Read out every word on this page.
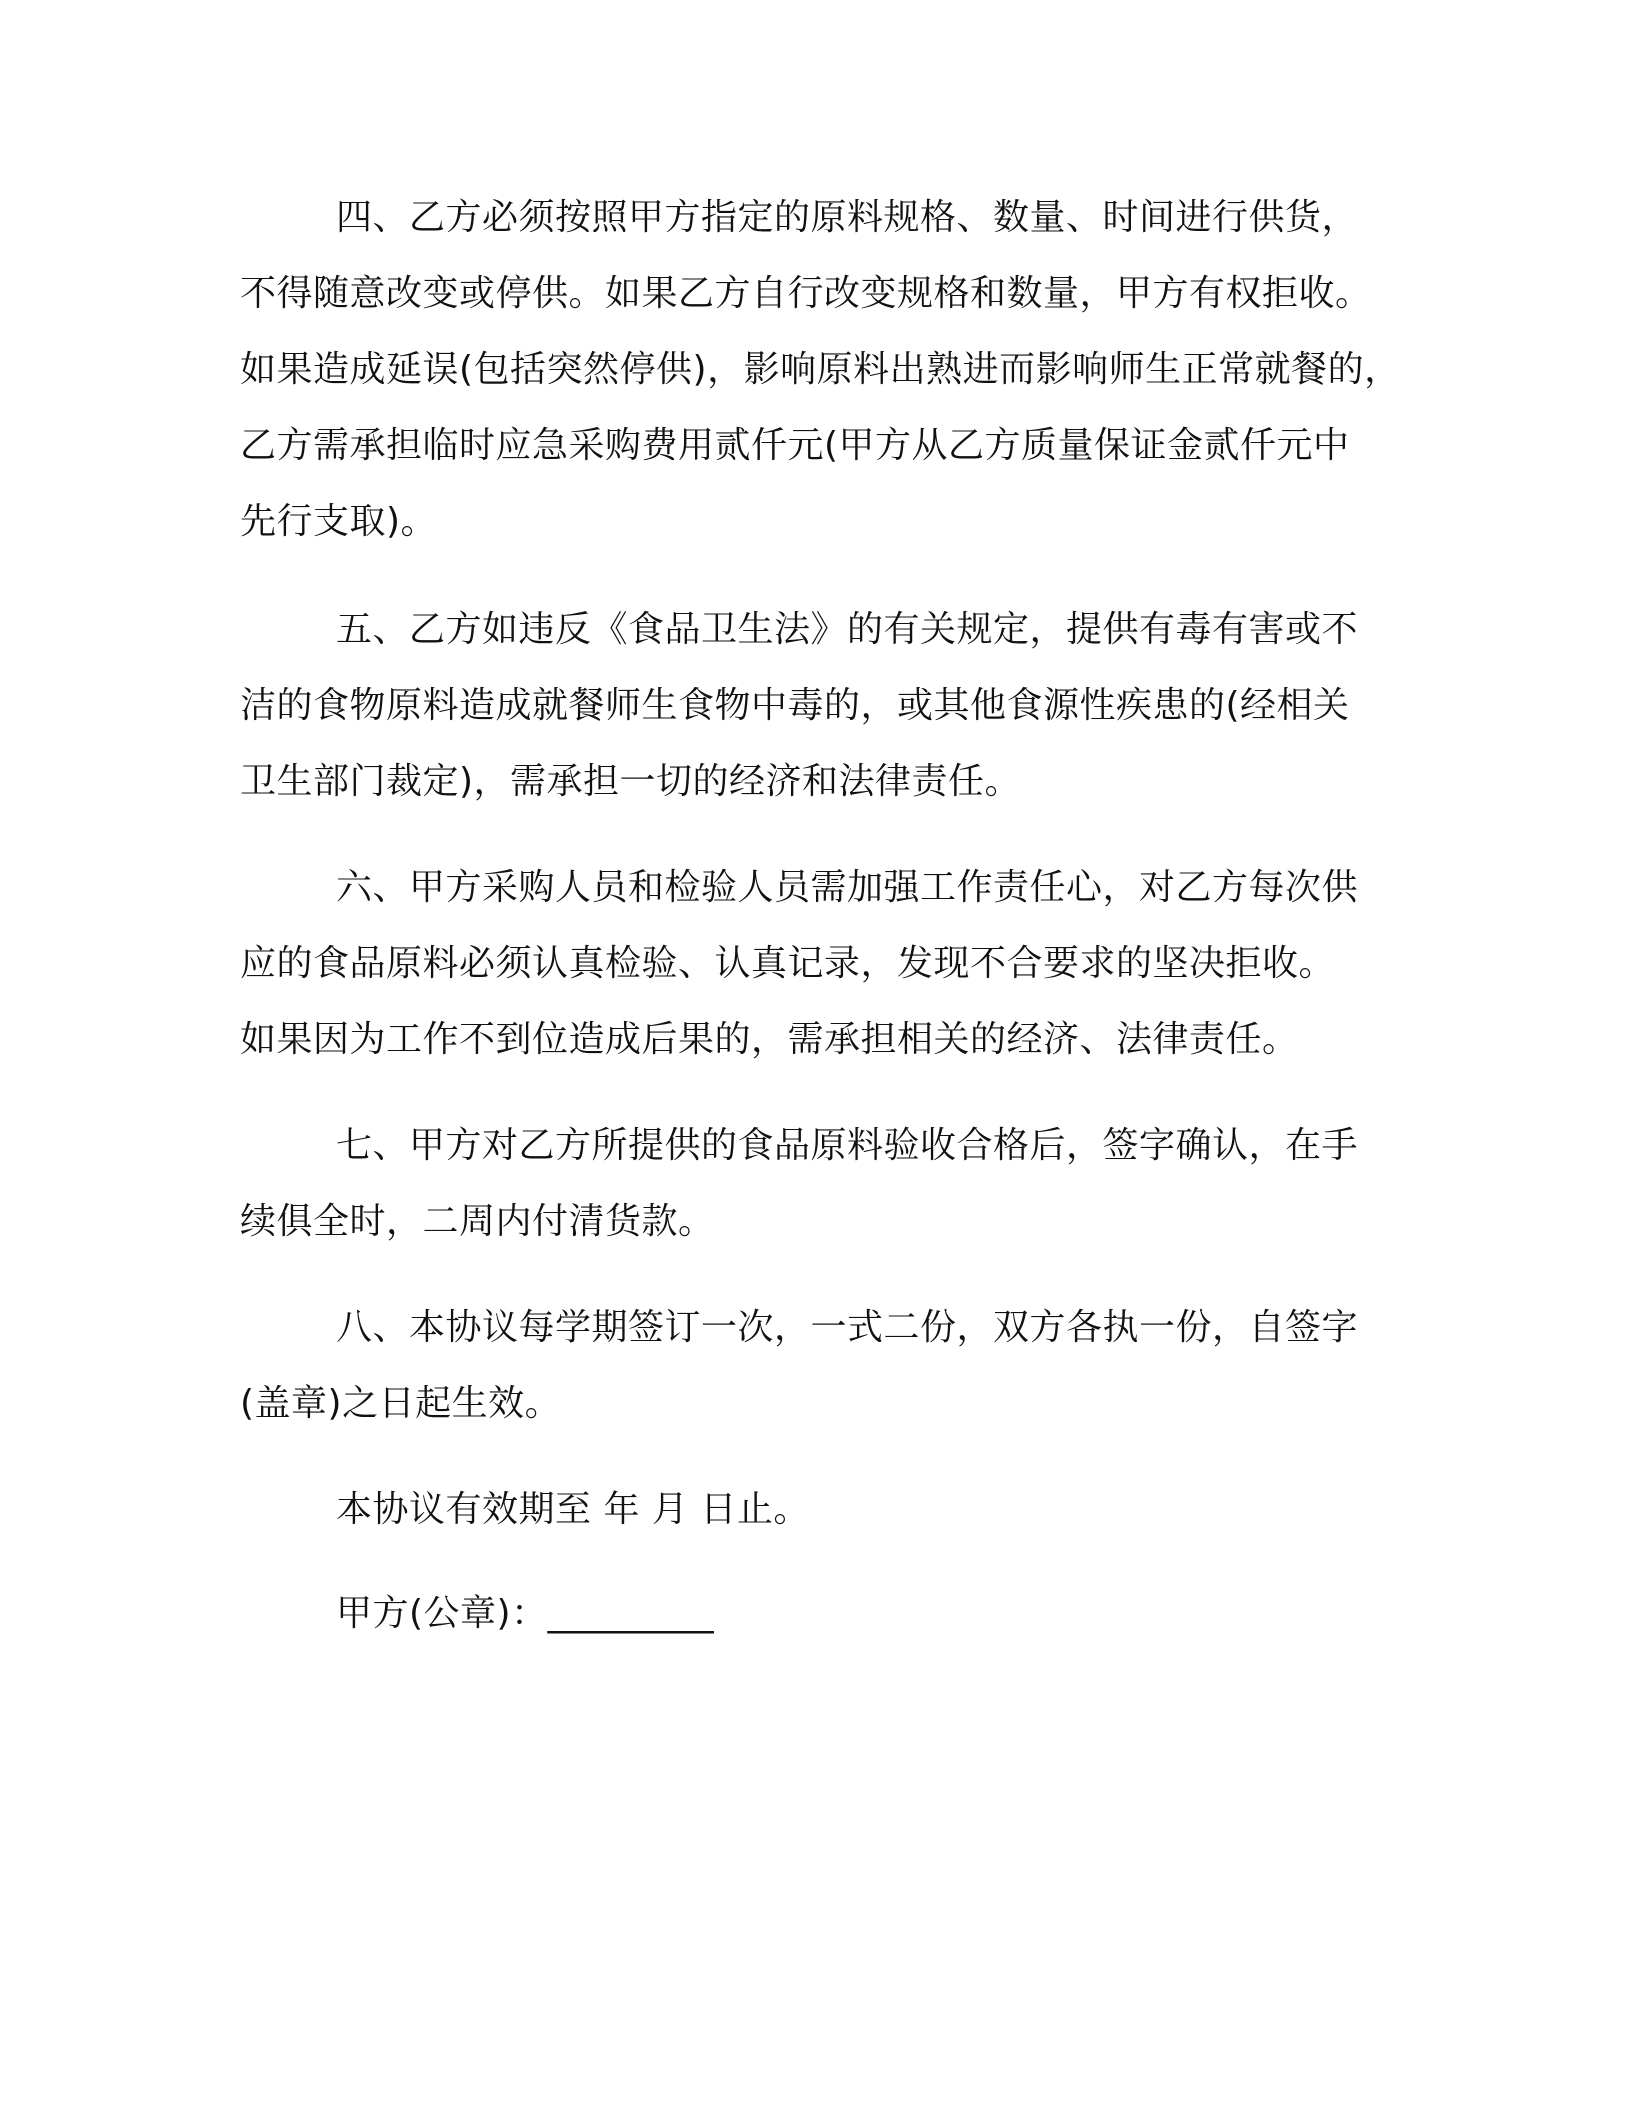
四、乙方必须按照甲方指定的原料规格、数量、时间进行供货，
不得随意改变或停供。如果乙方自行改变规格和数量，甲方有权拒收。
如果造成延误(包括突然停供)，影响原料出熟进而影响师生正常就餐的，
乙方需承担临时应急采购费用贰仟元(甲方从乙方质量保证金贰仟元中
先行支取)。
五、乙方如违反《食品卫生法》的有关规定，提供有毒有害或不
洁的食物原料造成就餐师生食物中毒的，或其他食源性疾患的(经相关
卫生部门裁定)，需承担一切的经济和法律责任。
六、甲方采购人员和检验人员需加强工作责任心，对乙方每次供
应的食品原料必须认真检验、认真记录，发现不合要求的坚决拒收。
如果因为工作不到位造成后果的，需承担相关的经济、法律责任。
七、甲方对乙方所提供的食品原料验收合格后，签字确认，在手
续俱全时，二周内付清货款。
八、本协议每学期签订一次，一式二份，双方各执一份，自签字
(盖章)之日起生效。

本协议有效期至 年 月 日止。

甲方(公章)：_________
